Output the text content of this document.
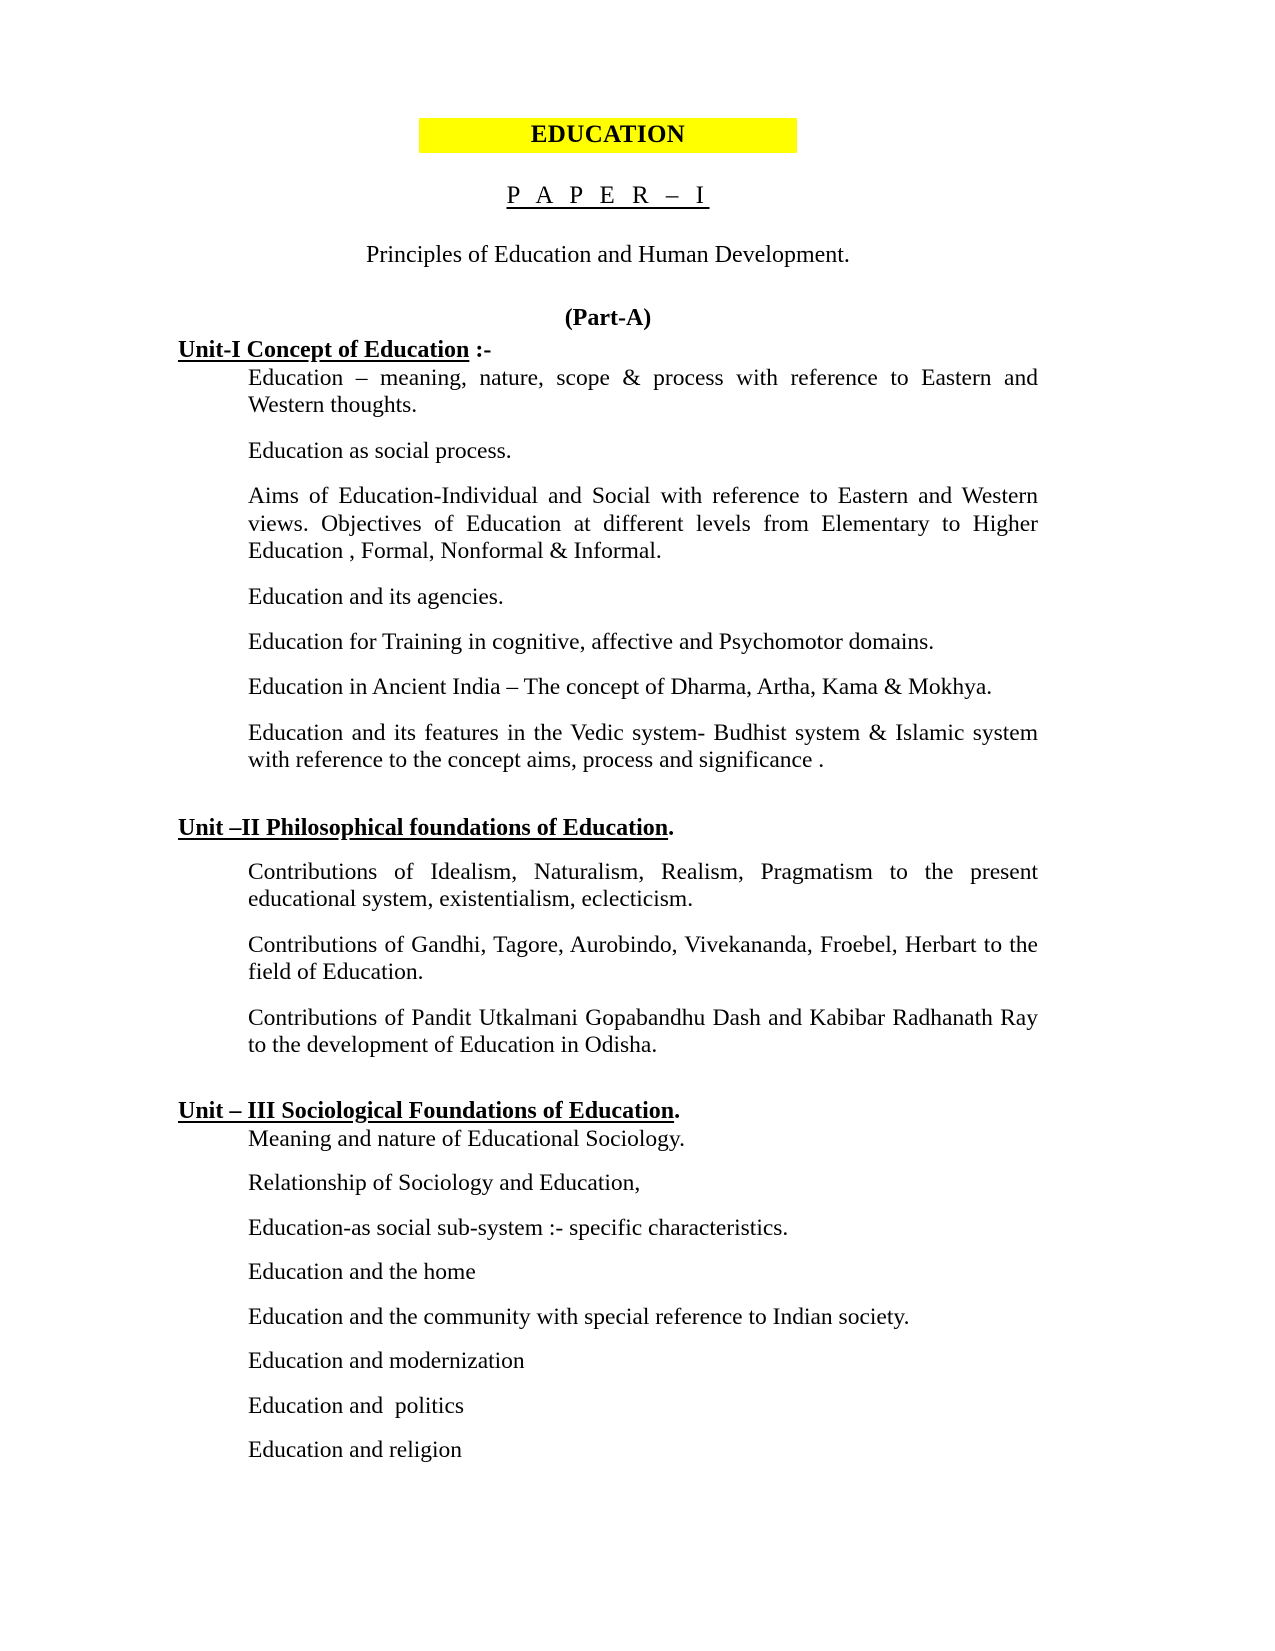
EDUCATION
P A P E R – I
Principles of Education and Human Development.
(Part-A)
Unit-I Concept of Education :-

Education – meaning, nature, scope & process with reference to Eastern and Western thoughts.

Education as social process.

Aims of Education-Individual and Social with reference to Eastern and Western views. Objectives of Education at different levels from Elementary to Higher Education , Formal, Nonformal & Informal.

Education and its agencies.

Education for Training in cognitive, affective and Psychomotor domains.

Education in Ancient India – The concept of Dharma, Artha, Kama & Mokhya.

Education and its features in the Vedic system- Budhist system & Islamic system with reference to the concept aims, process and significance .

Unit –II Philosophical foundations of Education.

Contributions of Idealism, Naturalism, Realism, Pragmatism to the present educational system, existentialism, eclecticism.

Contributions of Gandhi, Tagore, Aurobindo, Vivekananda, Froebel, Herbart to the field of Education.

Contributions of Pandit Utkalmani Gopabandhu Dash and Kabibar Radhanath Ray to the development of Education in Odisha.

Unit – III Sociological Foundations of Education.

Meaning and nature of Educational Sociology.

Relationship of Sociology and Education,

Education-as social sub-system :- specific characteristics.

Education and the home

Education and the community with special reference to Indian society.

Education and modernization

Education and  politics

Education and religion
